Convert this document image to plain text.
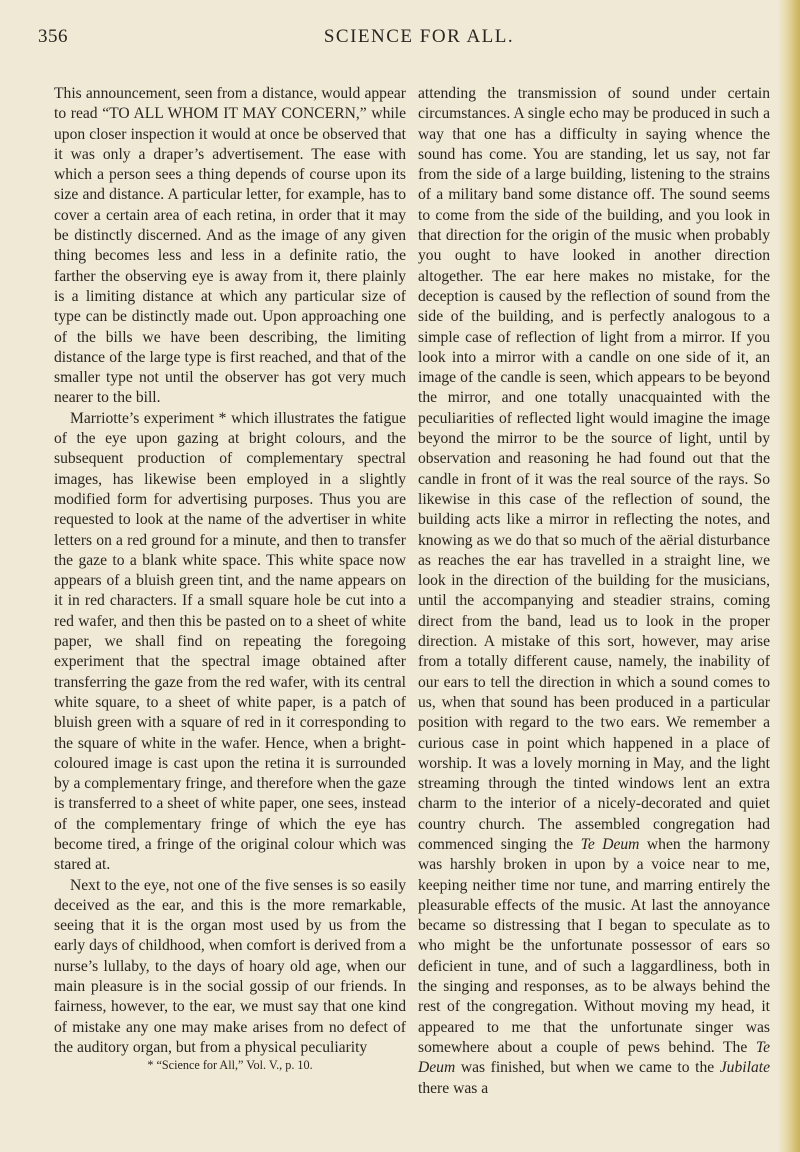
356	SCIENCE FOR ALL.

This announcement, seen from a distance, would appear to read “TO ALL WHOM IT MAY CONCERN,” while upon closer inspection it would at once be observed that it was only a draper’s advertisement. The ease with which a person sees a thing depends of course upon its size and distance. A particular letter, for example, has to cover a certain area of each retina, in order that it may be distinctly discerned. And as the image of any given thing becomes less and less in a definite ratio, the farther the observing eye is away from it, there plainly is a limiting distance at which any particular size of type can be distinctly made out. Upon approaching one of the bills we have been describing, the limiting distance of the large type is first reached, and that of the smaller type not until the observer has got very much nearer to the bill.

Marriotte’s experiment * which illustrates the fatigue of the eye upon gazing at bright colours, and the subsequent production of complementary spectral images, has likewise been employed in a slightly modified form for advertising purposes. Thus you are requested to look at the name of the advertiser in white letters on a red ground for a minute, and then to transfer the gaze to a blank white space. This white space now appears of a bluish green tint, and the name appears on it in red characters. If a small square hole be cut into a red wafer, and then this be pasted on to a sheet of white paper, we shall find on repeating the foregoing experiment that the spectral image obtained after transferring the gaze from the red wafer, with its central white square, to a sheet of white paper, is a patch of bluish green with a square of red in it corresponding to the square of white in the wafer. Hence, when a bright-coloured image is cast upon the retina it is surrounded by a complementary fringe, and therefore when the gaze is transferred to a sheet of white paper, one sees, instead of the complementary fringe of which the eye has become tired, a fringe of the original colour which was stared at.

Next to the eye, not one of the five senses is so easily deceived as the ear, and this is the more remarkable, seeing that it is the organ most used by us from the early days of childhood, when comfort is derived from a nurse’s lullaby, to the days of hoary old age, when our main pleasure is in the social gossip of our friends. In fairness, however, to the ear, we must say that one kind of mistake any one may make arises from no defect of the auditory organ, but from a physical peculiarity

* “Science for All,” Vol. V., p. 10.

attending the transmission of sound under certain circumstances. A single echo may be produced in such a way that one has a difficulty in saying whence the sound has come. You are standing, let us say, not far from the side of a large building, listening to the strains of a military band some distance off. The sound seems to come from the side of the building, and you look in that direction for the origin of the music when probably you ought to have looked in another direction altogether. The ear here makes no mistake, for the deception is caused by the reflection of sound from the side of the building, and is perfectly analogous to a simple case of reflection of light from a mirror. If you look into a mirror with a candle on one side of it, an image of the candle is seen, which appears to be beyond the mirror, and one totally unacquainted with the peculiarities of reflected light would imagine the image beyond the mirror to be the source of light, until by observation and reasoning he had found out that the candle in front of it was the real source of the rays. So likewise in this case of the reflection of sound, the building acts like a mirror in reflecting the notes, and knowing as we do that so much of the aërial disturbance as reaches the ear has travelled in a straight line, we look in the direction of the building for the musicians, until the accompanying and steadier strains, coming direct from the band, lead us to look in the proper direction. A mistake of this sort, however, may arise from a totally different cause, namely, the inability of our ears to tell the direction in which a sound comes to us, when that sound has been produced in a particular position with regard to the two ears. We remember a curious case in point which happened in a place of worship. It was a lovely morning in May, and the light streaming through the tinted windows lent an extra charm to the interior of a nicely-decorated and quiet country church. The assembled congregation had commenced singing the Te Deum when the harmony was harshly broken in upon by a voice near to me, keeping neither time nor tune, and marring entirely the pleasurable effects of the music. At last the annoyance became so distressing that I began to speculate as to who might be the unfortunate possessor of ears so deficient in tune, and of such a laggardliness, both in the singing and responses, as to be always behind the rest of the congregation. Without moving my head, it appeared to me that the unfortunate singer was somewhere about a couple of pews behind. The Te Deum was finished, but when we came to the Jubilate there was a
